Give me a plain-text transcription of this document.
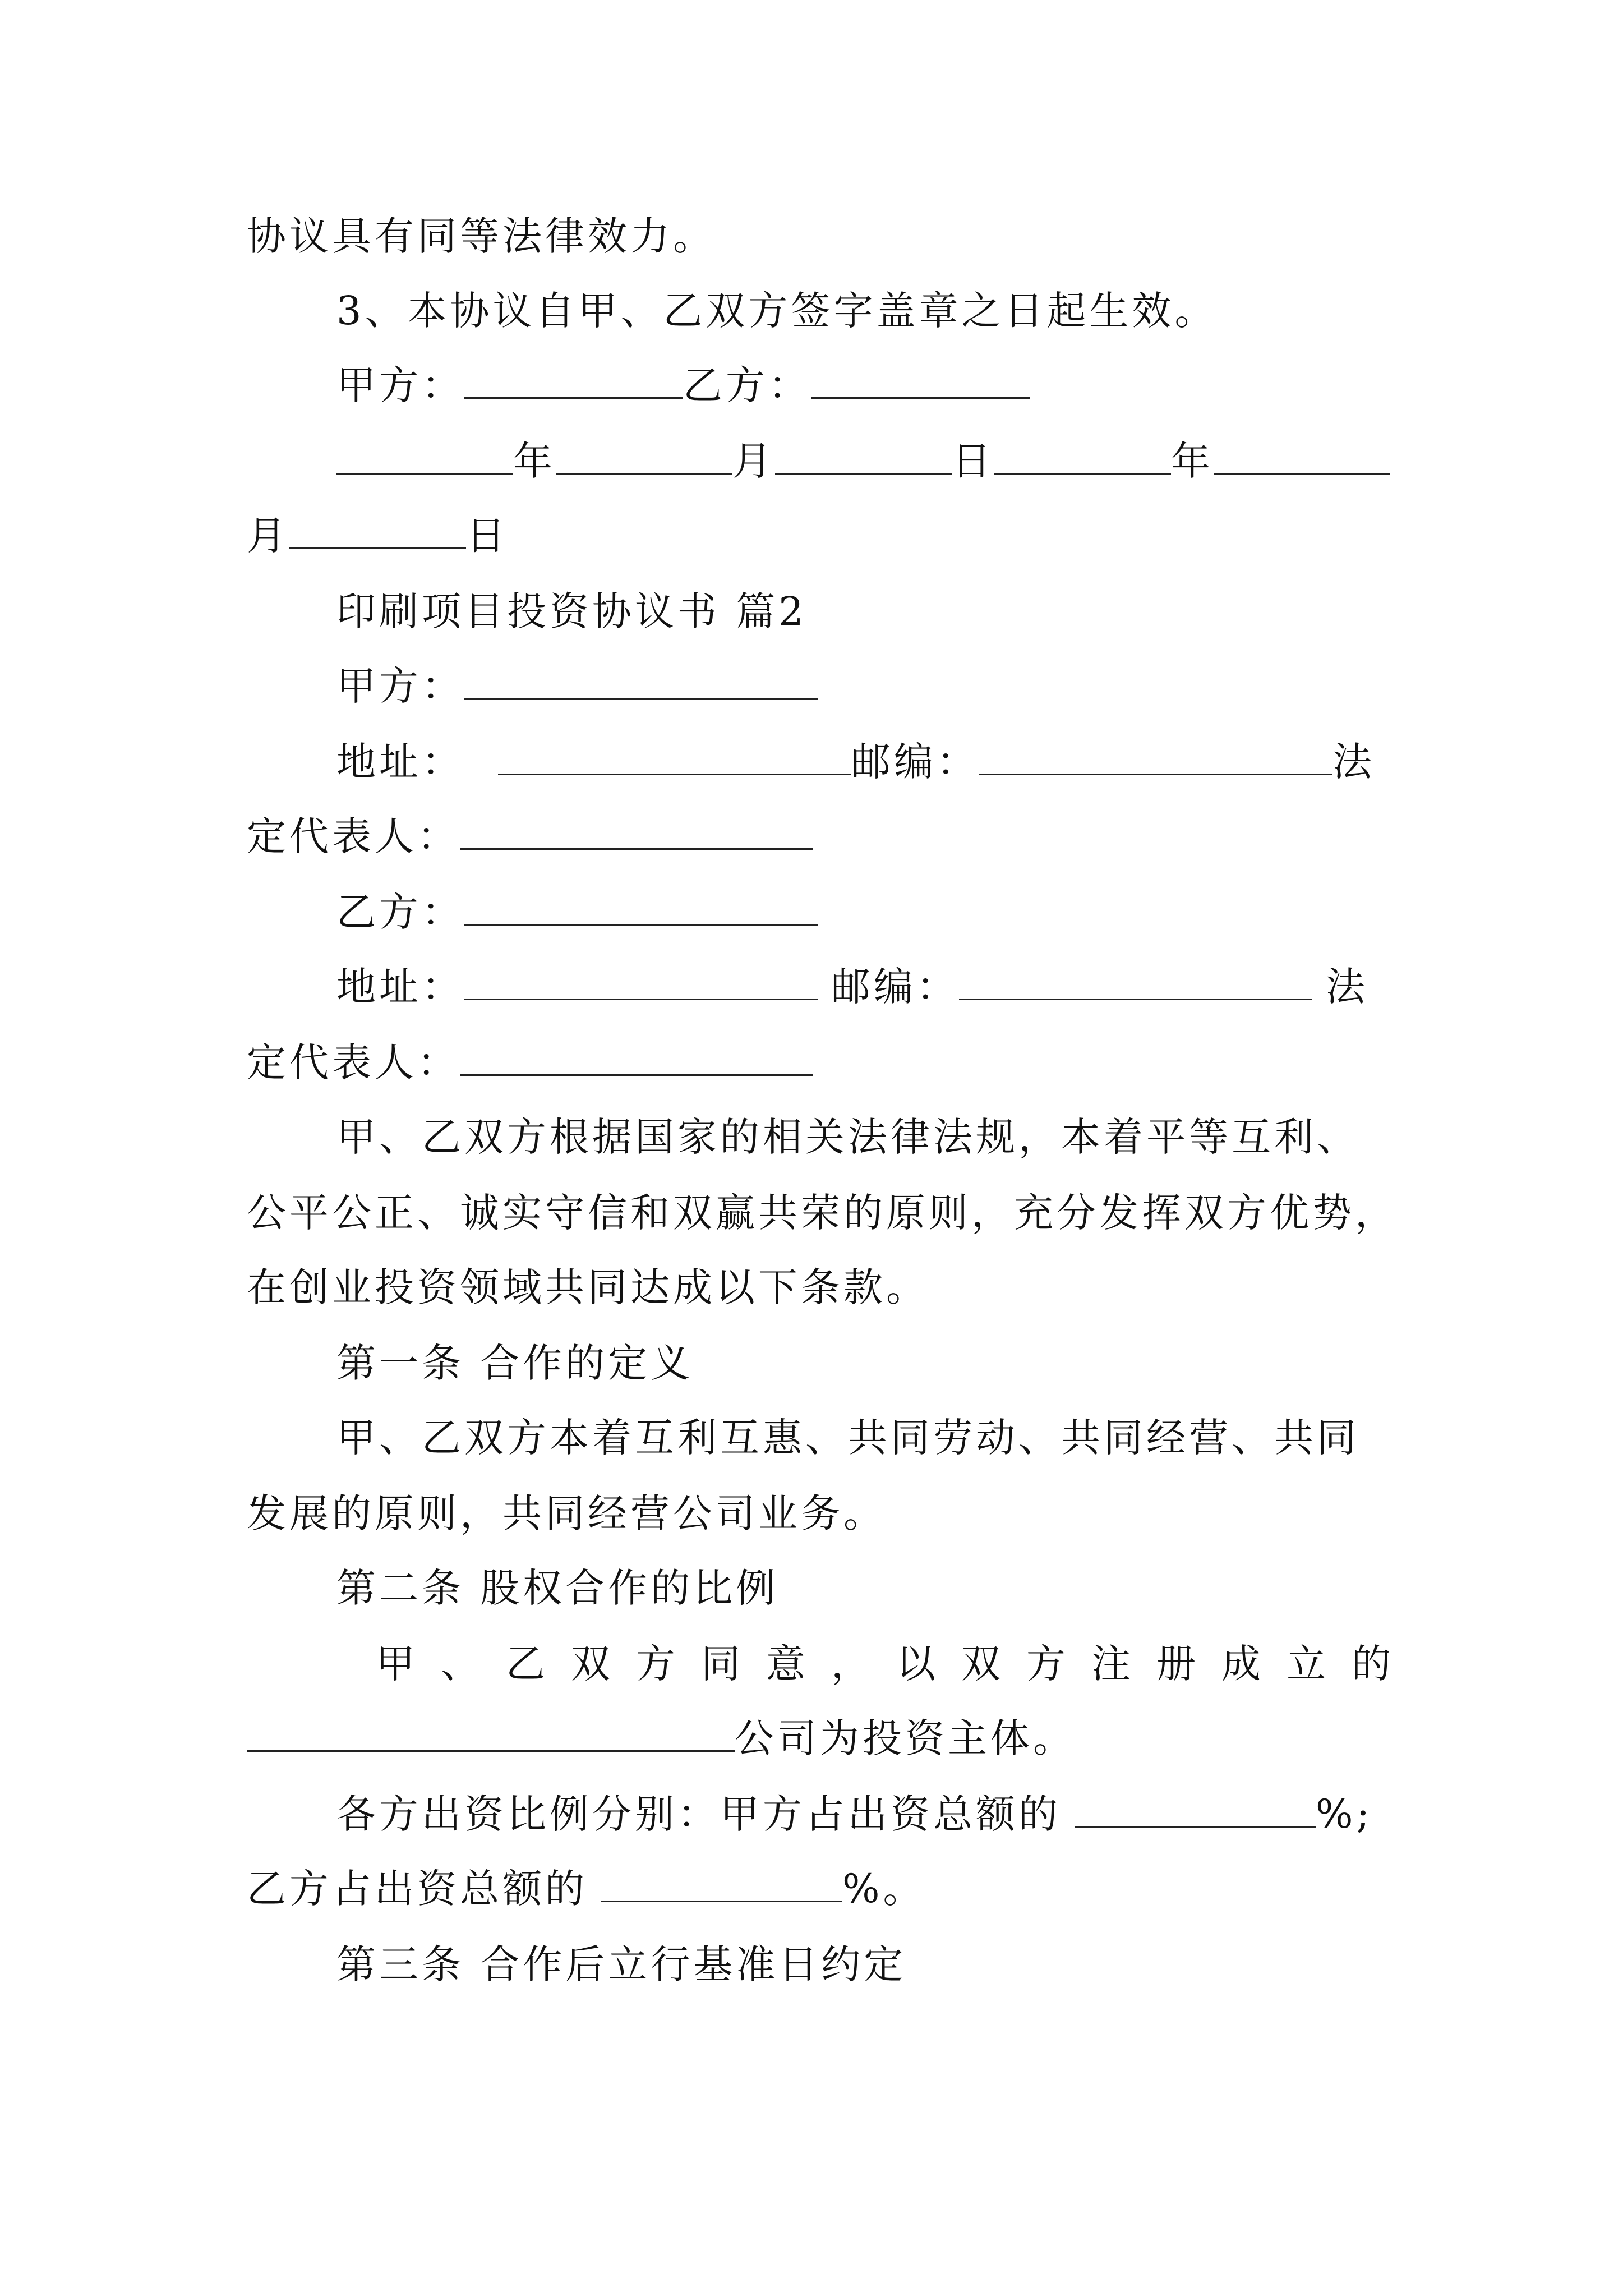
协议具有同等法律效力。
3、本协议自甲、乙双方签字盖章之日起生效。
甲方：	乙方：
年	月	日	年
月	日
印刷项目投资协议书 篇2
甲方：
地址：	邮编：	法
定代表人：
乙方：
地址：	邮编：	法
定代表人：
甲、乙双方根据国家的相关法律法规，本着平等互利、
公平公正、诚实守信和双赢共荣的原则，充分发挥双方优势，
在创业投资领域共同达成以下条款。
第一条 合作的定义
甲、乙双方本着互利互惠、共同劳动、共同经营、共同
发展的原则，共同经营公司业务。
第二条 股权合作的比例
甲 、 乙 双 方 同 意 ， 以 双 方 注 册 成 立 的
公司为投资主体。
各方出资比例分别：甲方占出资总额的	%;
乙方占出资总额的	%。
第三条 合作后立行基准日约定
